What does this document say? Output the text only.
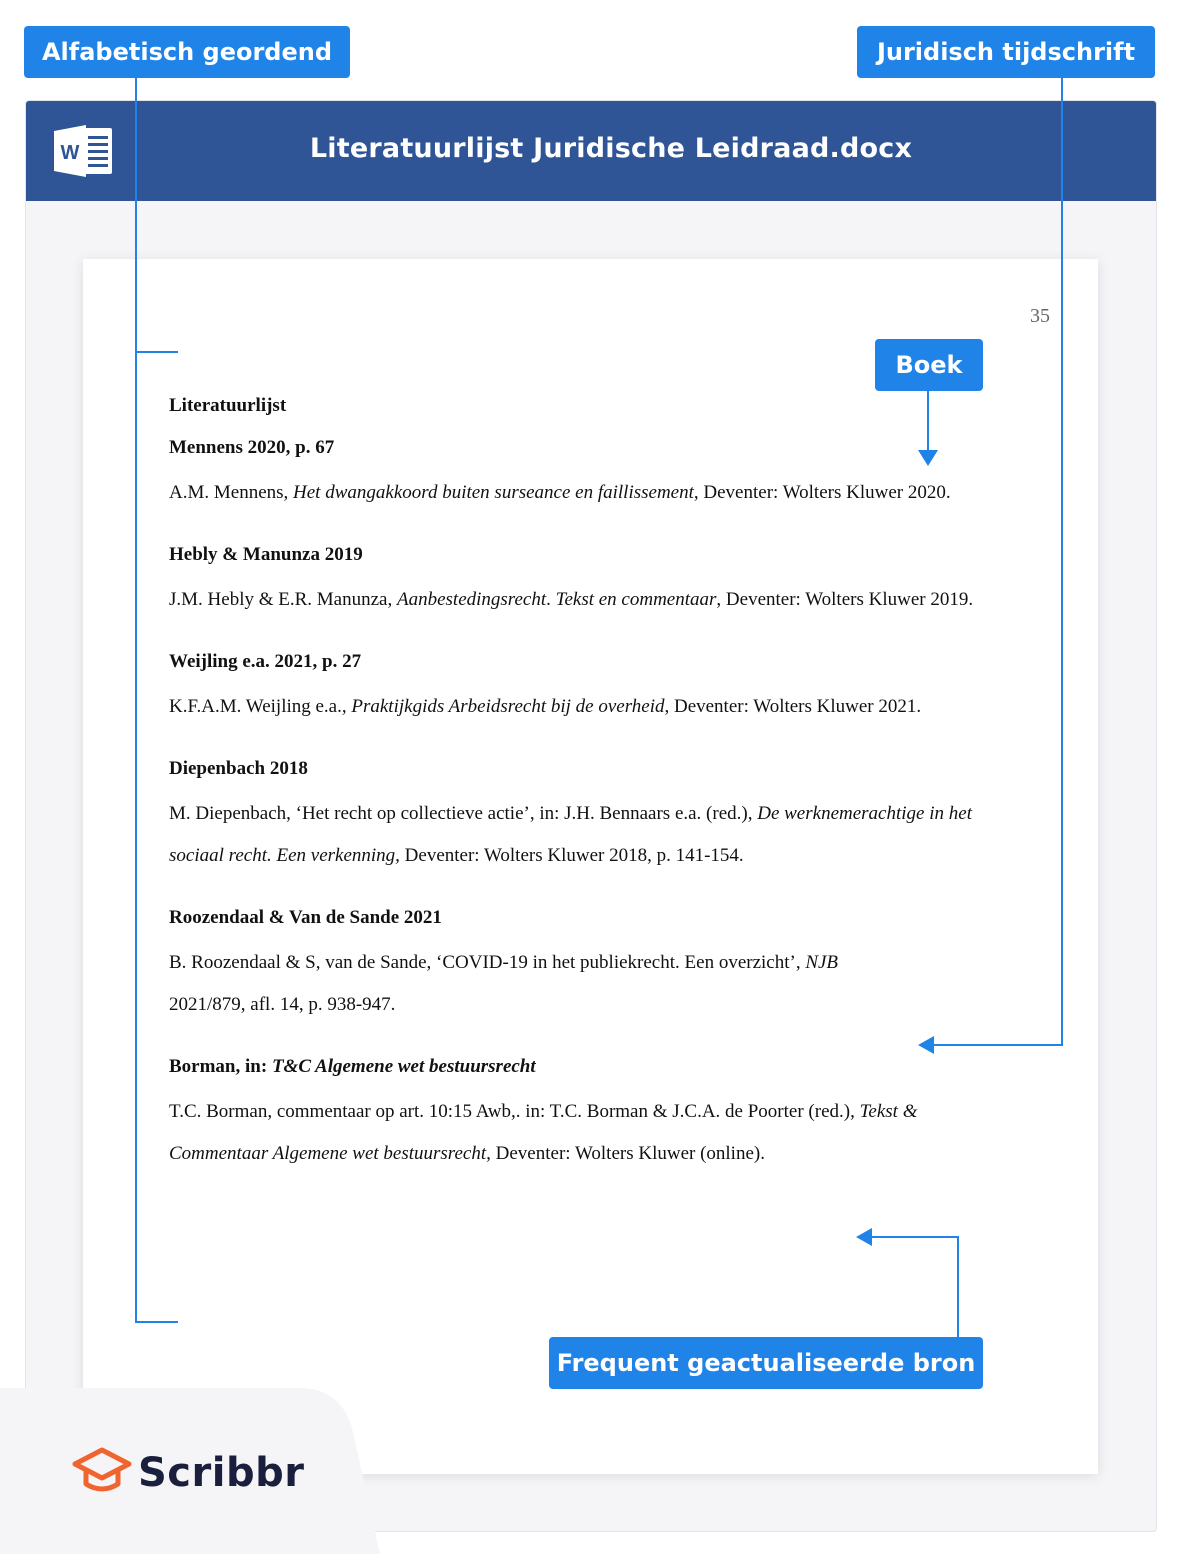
W	Literatuurlijst Juridische Leidraad.docx
35
Literatuurlijst
Mennens 2020, p. 67
A.M. Mennens, Het dwangakkoord buiten surseance en faillissement, Deventer: Wolters Kluwer 2020.
Hebly & Manunza 2019
J.M. Hebly & E.R. Manunza, Aanbestedingsrecht. Tekst en commentaar, Deventer: Wolters Kluwer 2019.
Weijling e.a. 2021, p. 27
K.F.A.M. Weijling e.a., Praktijkgids Arbeidsrecht bij de overheid, Deventer: Wolters Kluwer 2021.
Diepenbach 2018
M. Diepenbach, ‘Het recht op collectieve actie’, in: J.H. Bennaars e.a. (red.), De werknemerachtige in het sociaal recht. Een verkenning, Deventer: Wolters Kluwer 2018, p. 141-154.
Roozendaal & Van de Sande 2021
B. Roozendaal & S, van de Sande, ‘COVID-19 in het publiekrecht. Een overzicht’, NJB
2021/879, afl. 14, p. 938-947.
Borman, in: T&C Algemene wet bestuursrecht
T.C. Borman, commentaar op art. 10:15 Awb,. in: T.C. Borman & J.C.A. de Poorter (red.), Tekst &
Commentaar Algemene wet bestuursrecht, Deventer: Wolters Kluwer (online).
Alfabetisch geordend	Juridisch tijdschrift
Boek
Frequent geactualiseerde bron
Scribbr
